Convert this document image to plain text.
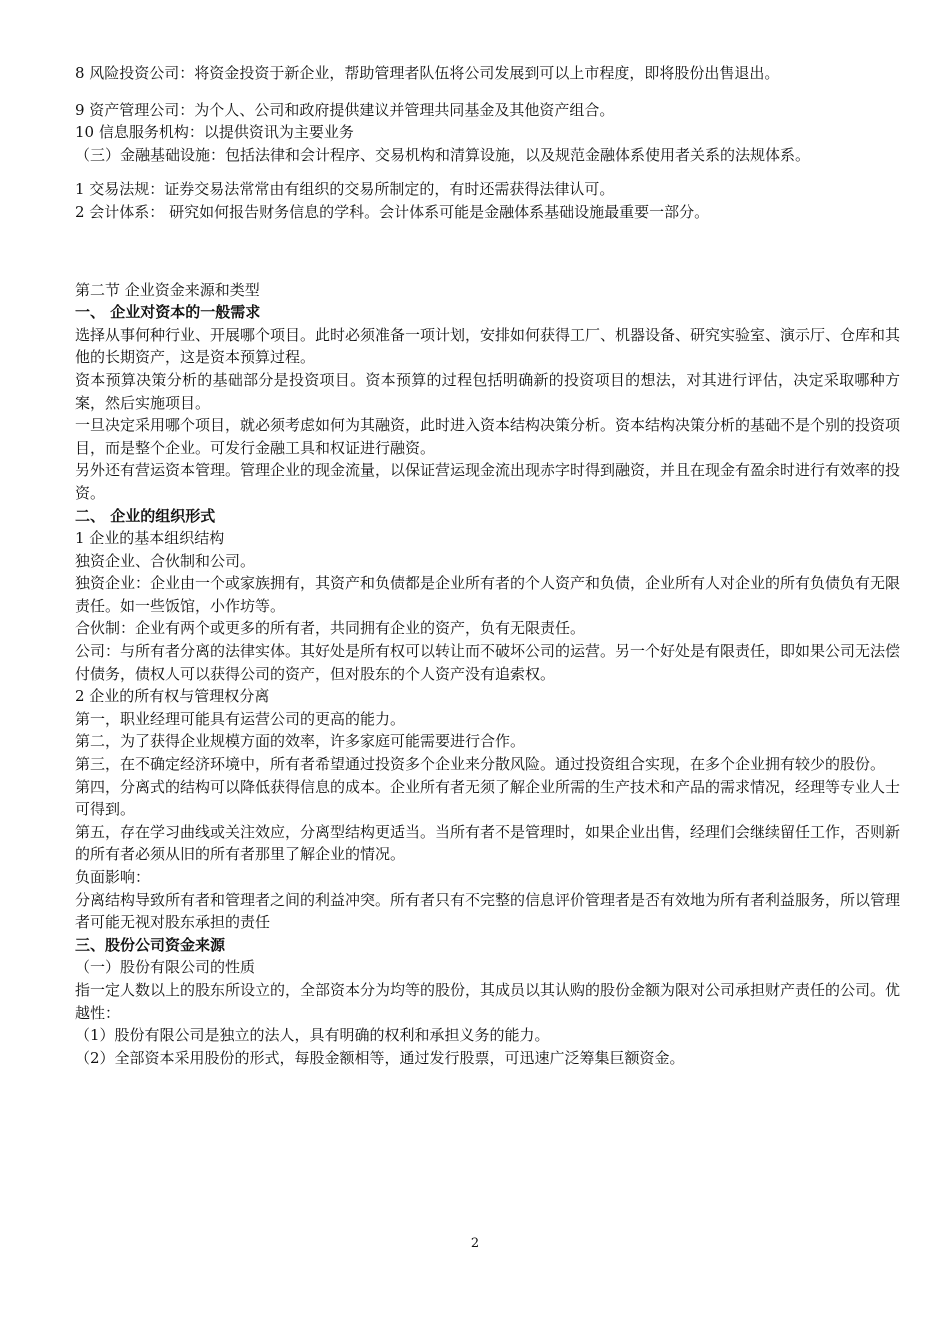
8 风险投资公司：将资金投资于新企业，帮助管理者队伍将公司发展到可以上市程度，即将股份出售退出。

9 资产管理公司：为个人、公司和政府提供建议并管理共同基金及其他资产组合。

10 信息服务机构：以提供资讯为主要业务

（三）金融基础设施：包括法律和会计程序、交易机构和清算设施，以及规范金融体系使用者关系的法规体系。

1 交易法规：证券交易法常常由有组织的交易所制定的，有时还需获得法律认可。

2 会计体系： 研究如何报告财务信息的学科。会计体系可能是金融体系基础设施最重要一部分。

第二节 企业资金来源和类型

一、 企业对资本的一般需求

选择从事何种行业、开展哪个项目。此时必须准备一项计划，安排如何获得工厂、机器设备、研究实验室、演示厅、仓库和其他的长期资产，这是资本预算过程。

资本预算决策分析的基础部分是投资项目。资本预算的过程包括明确新的投资项目的想法，对其进行评估，决定采取哪种方案，然后实施项目。

一旦决定采用哪个项目，就必须考虑如何为其融资，此时进入资本结构决策分析。资本结构决策分析的基础不是个别的投资项目，而是整个企业。可发行金融工具和权证进行融资。

另外还有营运资本管理。管理企业的现金流量，以保证营运现金流出现赤字时得到融资，并且在现金有盈余时进行有效率的投资。

二、 企业的组织形式

1 企业的基本组织结构

独资企业、合伙制和公司。

独资企业：企业由一个或家族拥有，其资产和负债都是企业所有者的个人资产和负债，企业所有人对企业的所有负债负有无限责任。如一些饭馆，小作坊等。

合伙制：企业有两个或更多的所有者，共同拥有企业的资产，负有无限责任。

公司：与所有者分离的法律实体。其好处是所有权可以转让而不破坏公司的运营。另一个好处是有限责任，即如果公司无法偿付债务，债权人可以获得公司的资产，但对股东的个人资产没有追索权。

2 企业的所有权与管理权分离

第一，职业经理可能具有运营公司的更高的能力。

第二，为了获得企业规模方面的效率，许多家庭可能需要进行合作。

第三，在不确定经济环境中，所有者希望通过投资多个企业来分散风险。通过投资组合实现，在多个企业拥有较少的股份。

第四，分离式的结构可以降低获得信息的成本。企业所有者无须了解企业所需的生产技术和产品的需求情况，经理等专业人士可得到。

第五，存在学习曲线或关注效应，分离型结构更适当。当所有者不是管理时，如果企业出售，经理们会继续留任工作，否则新的所有者必须从旧的所有者那里了解企业的情况。

负面影响：

分离结构导致所有者和管理者之间的利益冲突。所有者只有不完整的信息评价管理者是否有效地为所有者利益服务，所以管理者可能无视对股东承担的责任

三、股份公司资金来源

（一）股份有限公司的性质

指一定人数以上的股东所设立的，全部资本分为均等的股份，其成员以其认购的股份金额为限对公司承担财产责任的公司。优越性：

（1）股份有限公司是独立的法人，具有明确的权利和承担义务的能力。

（2）全部资本采用股份的形式，每股金额相等，通过发行股票，可迅速广泛筹集巨额资金。

2
